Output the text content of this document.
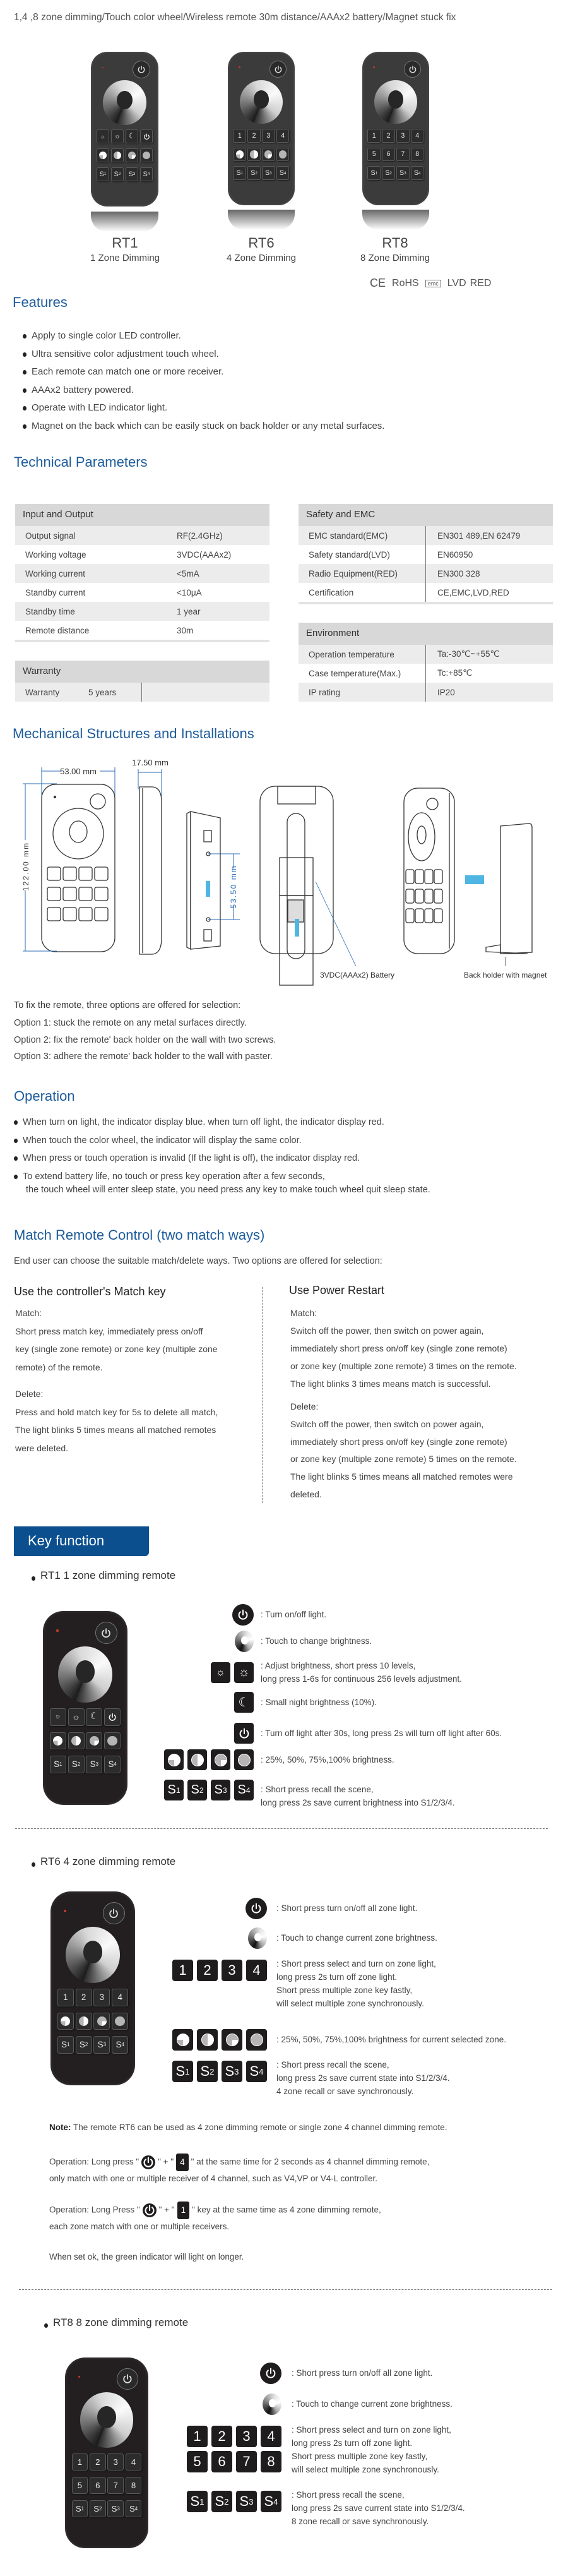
1,4 ,8 zone dimming/Touch color wheel/Wireless remote 30m distance/AAAx2 battery/Magnet stuck fix
☼ ☼ ☾
S 1 S 2 S 3 S 4
1 2 3 4
S 1 S 2 S 3 S 4
1 2 3 4
5 6 7 8
S 1 S 2 S 3 S 4
RT1
1 Zone Dimming
RT6
4 Zone Dimming
RT8
8 Zone Dimming
CE RoHS	emc LVD RED
Features
Apply to single color LED controller.
Ultra sensitive color adjustment touch wheel.
Each remote can match one or more receiver.
AAAx2 battery powered.
Operate with LED indicator light.
Magnet on the back which can be easily stuck on back holder or any metal surfaces.
Technical Parameters
Input and Output
Output signal	RF(2.4GHz)
Working voltage	3VDC(AAAx2)
Working current	<5mA
Standby current	<10μA
Standby time	1 year
Remote distance	30m
Warranty
Warranty	5 years
Safety and EMC
EMC standard(EMC)	EN301 489,EN 62479
Safety standard(LVD)	EN60950
Radio Equipment(RED)	EN300 328
Certification	CE,EMC,LVD,RED
Environment
Operation temperature	Ta:-30℃~+55℃
Case temperature(Max.)	Tc:+85℃
IP rating	IP20
Mechanical Structures and Installations
53.00 mm
17.50 mm
122.00 mm	53.50 mm
3VDC(AAAx2) Battery	Back holder with magnet
To fix the remote, three options are offered for selection:
Option 1: stuck the remote on any metal surfaces directly.
Option 2: fix the remote' back holder on the wall with two screws.
Option 3: adhere the remote' back holder to the wall with paster.
Operation
When turn on light, the indicator display blue. when turn off light, the indicator display red.
When touch the color wheel, the indicator will display the same color.
When press or touch operation is invalid (If the light is off), the indicator display red.
To extend battery life, no touch or press key operation after a few seconds,
the touch wheel will enter sleep state, you need press any key to make touch wheel quit sleep state.
Match Remote Control (two match ways)
End user can choose the suitable match/delete ways. Two options are offered for selection:
Use the controller's Match key
Match:
Short press match key, immediately press on/off
key (single zone remote) or zone key (multiple zone
remote) of the remote.
Delete:
Press and hold match key for 5s to delete all match,
The light blinks 5 times means all matched remotes
were deleted.
Use Power Restart
Match:
Switch off the power, then switch on power again,
immediately short press on/off key (single zone remote)
or zone key (multiple zone remote) 3 times on the remote.
The light blinks 3 times means match is successful.
Delete:
Switch off the power, then switch on power again,
immediately short press on/off key (single zone remote)
or zone key (multiple zone remote) 5 times on the remote.
The light blinks 5 times means all matched remotes were
deleted.
Key function
RT1 1 zone dimming remote
☼ ☼ ☾
S 1 S 2 S 3 S 4
: Turn on/off light.
: Touch to change brightness.
☼ ☼ : Adjust brightness, short press 10 levels,
long press 1-6s for continuous 256 levels adjustment.
☾ : Small night brightness (10%).
: Turn off light after 30s, long press 2s will turn off light after 60s.
: 25%, 50%, 75%,100% brightness.
S 1 S 2 S 3 S 4 : Short press recall the scene,
long press 2s save current brightness into S1/2/3/4.
RT6 4 zone dimming remote
1 2 3 4
S 1 S 2 S 3 S 4
: Short press turn on/off all zone light.
: Touch to change current zone brightness.
1 2 3 4 : Short press select and turn on zone light,
long press 2s turn off zone light.
Short press multiple zone key fastly,
will select multiple zone synchronously.
: 25%, 50%, 75%,100% brightness for current selected zone.
S 1 S 2 S 3 S 4
: Short press recall the scene,
long press 2s save current state into S1/2/3/4.
4 zone recall or save synchronously.
Note: The remote RT6 can be used as 4 zone dimming remote or single zone 4 channel dimming remote.
Operation: Long press " " + " 4 " at the same time for 2 seconds as 4 channel dimming remote,
only match with one or multiple receiver of 4 channel, such as V4,VP or V4-L controller.
Operation: Long Press " " + " 1 " key at the same time as 4 zone dimming remote,
each zone match with one or multiple receivers.
When set ok, the green indicator will light on longer.
RT8 8 zone dimming remote
1 2 3 4
5 6 7 8
S 1 S 2 S 3 S 4
: Short press turn on/off all zone light.
: Touch to change current zone brightness.
1 2 3 4
5 6 7 8
: Short press select and turn on zone light,
long press 2s turn off zone light.
Short press multiple zone key fastly,
will select multiple zone synchronously.
S 1 S 2 S 3 S 4
: Short press recall the scene,
long press 2s save current state into S1/2/3/4.
8 zone recall or save synchronously.
